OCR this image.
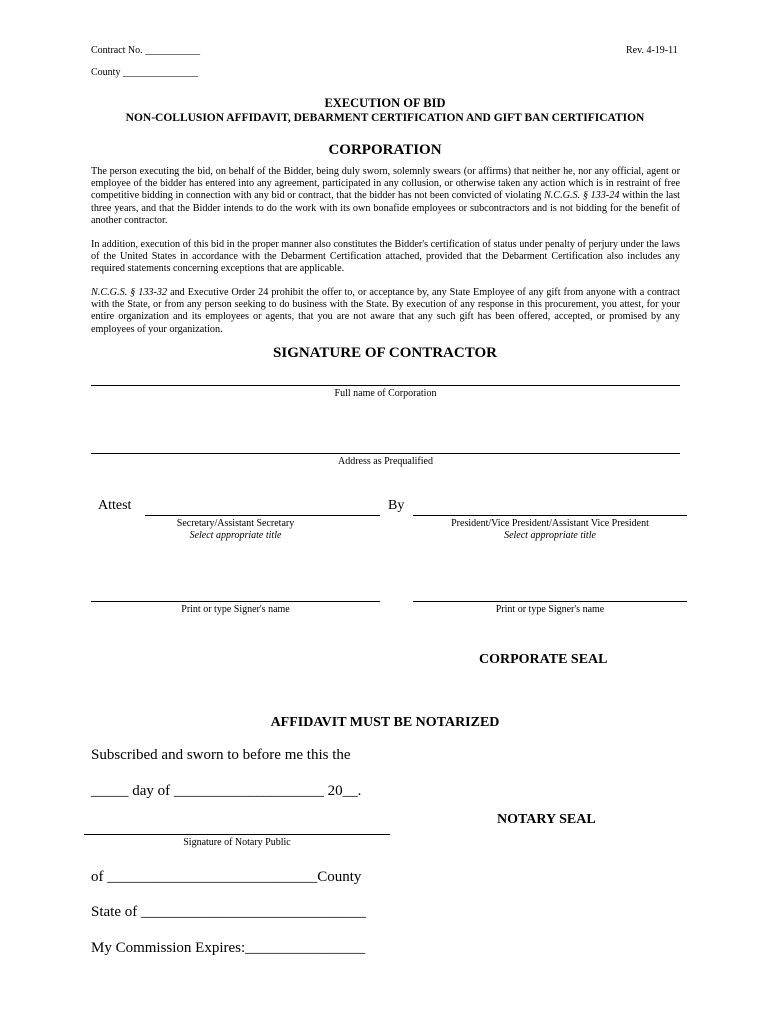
Contract No. ___________
County _______________
Rev. 4-19-11
EXECUTION OF BID
NON-COLLUSION AFFIDAVIT, DEBARMENT CERTIFICATION AND GIFT BAN CERTIFICATION
CORPORATION
The person executing the bid, on behalf of the Bidder, being duly sworn, solemnly swears (or affirms) that neither he, nor any official, agent or employee of the bidder has entered into any agreement, participated in any collusion, or otherwise taken any action which is in restraint of free competitive bidding in connection with any bid or contract, that the bidder has not been convicted of violating N.C.G.S. § 133-24 within the last three years, and that the Bidder intends to do the work with its own bonafide employees or subcontractors and is not bidding for the benefit of another contractor.
In addition, execution of this bid in the proper manner also constitutes the Bidder's certification of status under penalty of perjury under the laws of the United States in accordance with the Debarment Certification attached, provided that the Debarment Certification also includes any required statements concerning exceptions that are applicable.
N.C.G.S. § 133-32 and Executive Order 24 prohibit the offer to, or acceptance by, any State Employee of any gift from anyone with a contract with the State, or from any person seeking to do business with the State. By execution of any response in this procurement, you attest, for your entire organization and its employees or agents, that you are not aware that any such gift has been offered, accepted, or promised by any employees of your organization.
SIGNATURE OF CONTRACTOR
Full name of Corporation
Address as Prequalified
Attest	By
Secretary/Assistant Secretary
Select appropriate title
President/Vice President/Assistant Vice President
Select appropriate title
Print or type Signer's name	Print or type Signer's name
CORPORATE SEAL
AFFIDAVIT MUST BE NOTARIZED
Subscribed and sworn to before me this the
_____ day of ____________________ 20__.
NOTARY SEAL
Signature of Notary Public
of ____________________________County
State of ______________________________
My Commission Expires:________________
